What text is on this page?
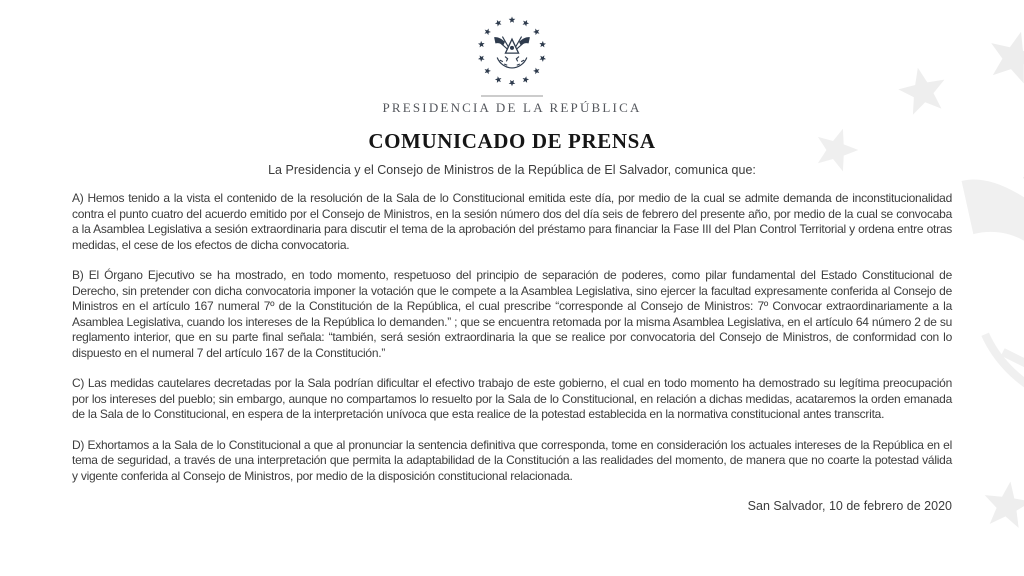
PRESIDENCIA DE LA REPÚBLICA
COMUNICADO DE PRENSA

La Presidencia y el Consejo de Ministros de la República de El Salvador, comunica que:

A) Hemos tenido a la vista el contenido de la resolución de la Sala de lo Constitucional emitida este día, por medio de la cual se admite demanda de inconstitucionalidad contra el punto cuatro del acuerdo emitido por el Consejo de Ministros, en la sesión número dos del día seis de febrero del presente año, por medio de la cual se convocaba a la Asamblea Legislativa a sesión extraordinaria para discutir el tema de la aprobación del préstamo para financiar la Fase III del Plan Control Territorial y ordena entre otras medidas, el cese de los efectos de dicha convocatoria.

B) El Órgano Ejecutivo se ha mostrado, en todo momento, respetuoso del principio de separación de poderes, como pilar fundamental del Estado Constitucional de Derecho, sin pretender con dicha convocatoria imponer la votación que le compete a la Asamblea Legislativa, sino ejercer la facultad expresamente conferida al Consejo de Ministros en el artículo 167 numeral 7º de la Constitución de la República, el cual prescribe “corresponde al Consejo de Ministros: 7º Convocar extraordinariamente a la Asamblea Legislativa, cuando los intereses de la República lo demanden.” ; que se encuentra retomada por la misma Asamblea Legislativa, en el artículo 64 número 2 de su reglamento interior, que en su parte final señala: “también, será sesión extraordinaria la que se realice por convocatoria del Consejo de Ministros, de conformidad con lo dispuesto en el numeral 7 del artículo 167 de la Constitución.”

C) Las medidas cautelares decretadas por la Sala podrían dificultar el efectivo trabajo de este gobierno, el cual en todo momento ha demostrado su legítima preocupación por los intereses del pueblo; sin embargo, aunque no compartamos lo resuelto por la Sala de lo Constitucional, en relación a dichas medidas, acataremos la orden emanada de la Sala de lo Constitucional, en espera de la interpretación unívoca que esta realice de la potestad establecida en la normativa constitucional antes transcrita.

D) Exhortamos a la Sala de lo Constitucional a que al pronunciar la sentencia definitiva que corresponda, tome en consideración los actuales intereses de la República en el tema de seguridad, a través de una interpretación que permita la adaptabilidad de la Constitución a las realidades del momento, de manera que no coarte la potestad válida y vigente conferida al Consejo de Ministros, por medio de la disposición constitucional relacionada.

San Salvador, 10 de febrero de 2020
